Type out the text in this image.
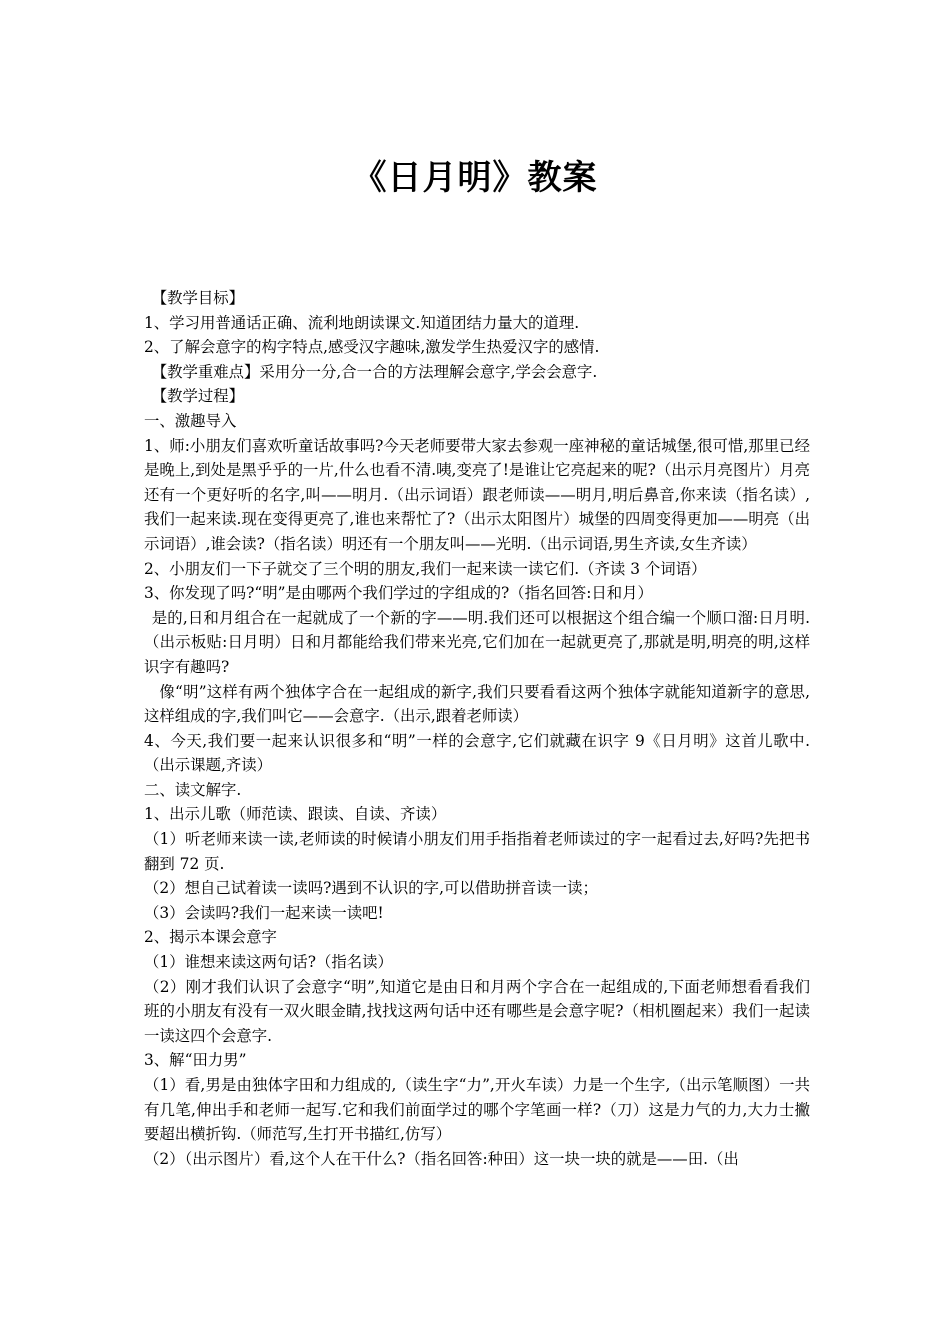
《日月明》教案

【教学目标】

1、学习用普通话正确、流利地朗读课文.知道团结力量大的道理.

2、了解会意字的构字特点,感受汉字趣味,激发学生热爱汉字的感情.

【教学重难点】采用分一分,合一合的方法理解会意字,学会会意字.

【教学过程】

一、激趣导入

1、师:小朋友们喜欢听童话故事吗?今天老师要带大家去参观一座神秘的童话城堡,很可惜,那里已经是晚上,到处是黑乎乎的一片,什么也看不清.咦,变亮了!是谁让它亮起来的呢?（出示月亮图片）月亮还有一个更好听的名字,叫——明月.（出示词语）跟老师读——明月,明后鼻音,你来读（指名读）,我们一起来读.现在变得更亮了,谁也来帮忙了?（出示太阳图片）城堡的四周变得更加——明亮（出示词语）,谁会读?（指名读）明还有一个朋友叫——光明.（出示词语,男生齐读,女生齐读）

2、小朋友们一下子就交了三个明的朋友,我们一起来读一读它们.（齐读 3 个词语）

3、你发现了吗?“明”是由哪两个我们学过的字组成的?（指名回答:日和月）

是的,日和月组合在一起就成了一个新的字——明.我们还可以根据这个组合编一个顺口溜:日月明.（出示板贴:日月明）日和月都能给我们带来光亮,它们加在一起就更亮了,那就是明,明亮的明,这样识字有趣吗?

像“明”这样有两个独体字合在一起组成的新字,我们只要看看这两个独体字就能知道新字的意思,这样组成的字,我们叫它——会意字.（出示,跟着老师读）

4、今天,我们要一起来认识很多和“明”一样的会意字,它们就藏在识字 9《日月明》这首儿歌中.（出示课题,齐读）

二、读文解字.

1、出示儿歌（师范读、跟读、自读、齐读）

（1）听老师来读一读,老师读的时候请小朋友们用手指指着老师读过的字一起看过去,好吗?先把书翻到 72 页.

（2）想自己试着读一读吗?遇到不认识的字,可以借助拼音读一读；

（3）会读吗?我们一起来读一读吧!

2、揭示本课会意字

（1）谁想来读这两句话?（指名读）

（2）刚才我们认识了会意字“明”,知道它是由日和月两个字合在一起组成的,下面老师想看看我们班的小朋友有没有一双火眼金睛,找找这两句话中还有哪些是会意字呢?（相机圈起来）我们一起读一读这四个会意字.

3、解“田力男”

（1）看,男是由独体字田和力组成的,（读生字“力”,开火车读）力是一个生字,（出示笔顺图）一共有几笔,伸出手和老师一起写.它和我们前面学过的哪个字笔画一样?（刀）这是力气的力,大力士撇要超出横折钩.（师范写,生打开书描红,仿写）

（2）（出示图片）看,这个人在干什么?（指名回答:种田）这一块一块的就是——田.（出
